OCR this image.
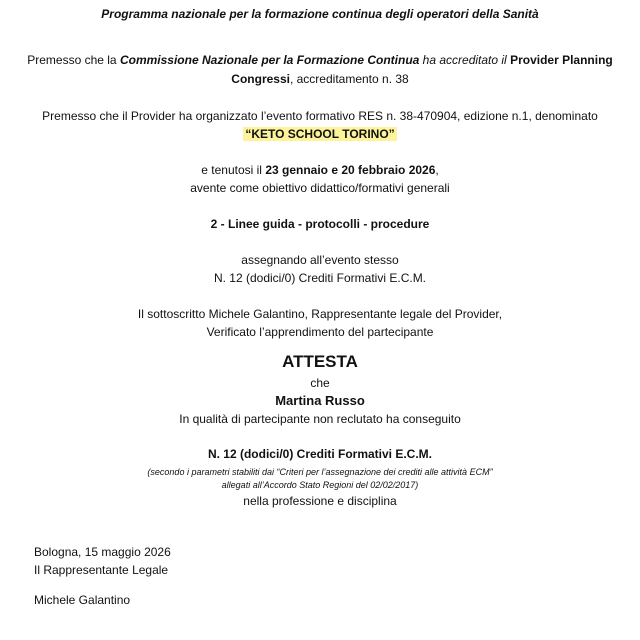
Programma nazionale per la formazione continua degli operatori della Sanità
Premesso che la Commissione Nazionale per la Formazione Continua ha accreditato il Provider Planning
Congressi, accreditamento n. 38
Premesso che il Provider ha organizzato l’evento formativo RES n. 38-470904, edizione n.1, denominato
“KETO SCHOOL TORINO”
e tenutosi il 23 gennaio e 20 febbraio 2026,
avente come obiettivo didattico/formativi generali
2 - Linee guida - protocolli - procedure
assegnando all’evento stesso
N. 12 (dodici/0) Crediti Formativi E.C.M.
Il sottoscritto Michele Galantino, Rappresentante legale del Provider,
Verificato l’apprendimento del partecipante
ATTESTA
che
Martina Russo
In qualità di partecipante non reclutato ha conseguito
N. 12 (dodici/0) Crediti Formativi E.C.M.
(secondo i parametri stabiliti dai “Criteri per l’assegnazione dei crediti alle attività ECM”
allegati all’Accordo Stato Regioni del 02/02/2017)
nella professione e disciplina
Bologna, 15 maggio 2026
Il Rappresentante Legale
Michele Galantino
